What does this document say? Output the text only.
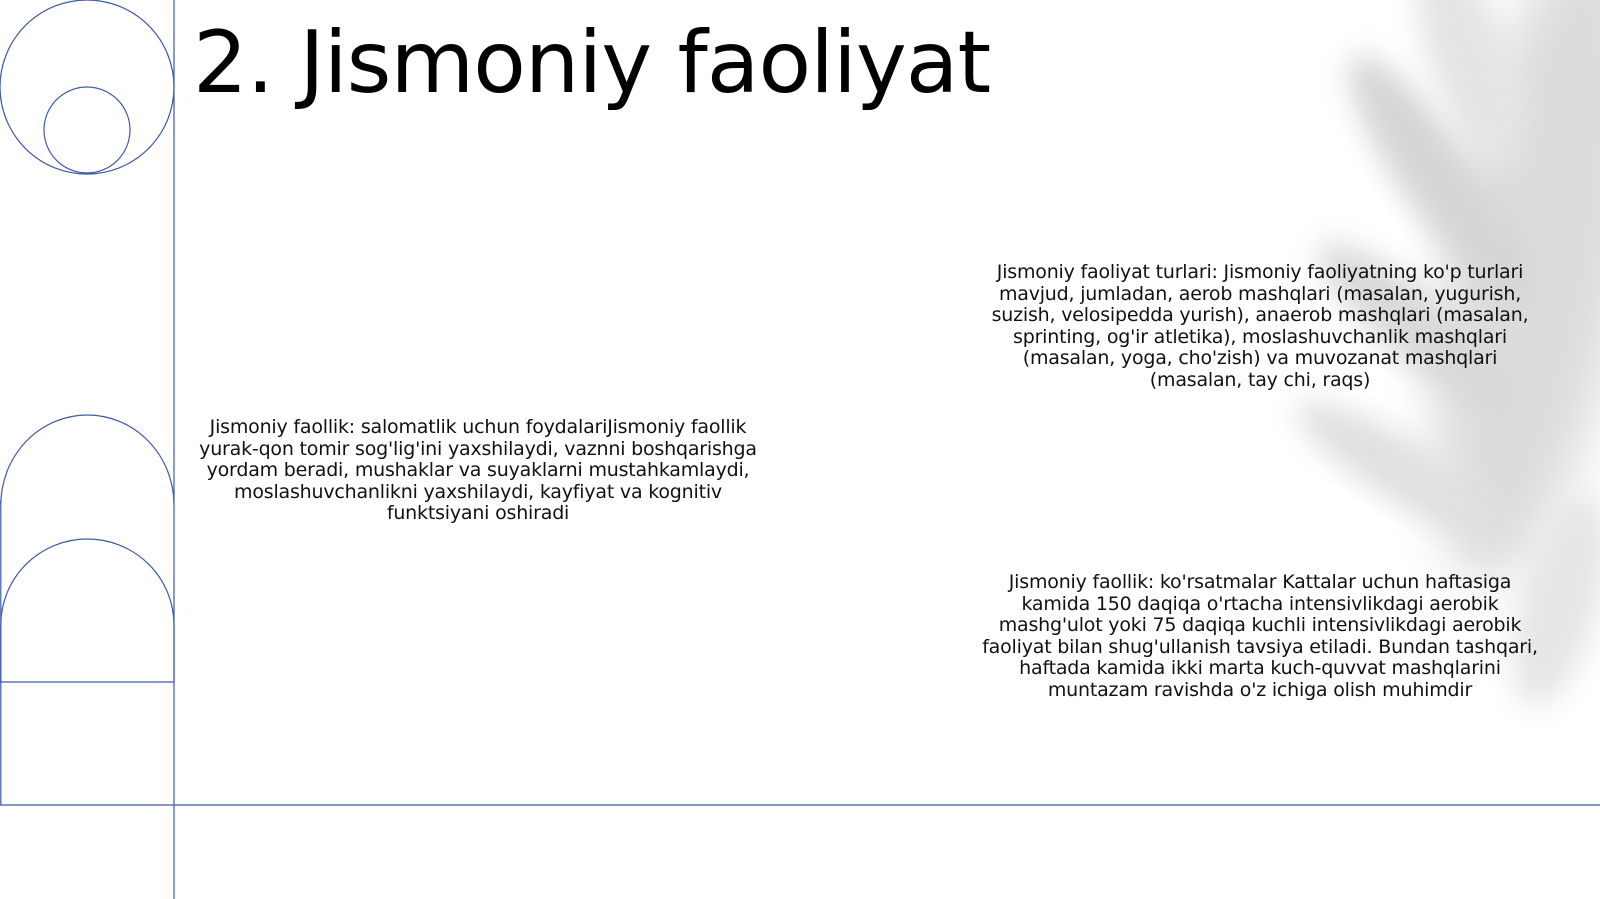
2. Jismoniy faoliyat

Jismoniy faoliyat turlari: Jismoniy faoliyatning ko'p turlari mavjud, jumladan, aerob mashqlari (masalan, yugurish, suzish, velosipedda yurish), anaerob mashqlari (masalan, sprinting, og'ir atletika), moslashuvchanlik mashqlari (masalan, yoga, cho'zish) va muvozanat mashqlari (masalan, tay chi, raqs)

Jismoniy faollik: salomatlik uchun foydalariJismoniy faollik yurak-qon tomir sog'lig'ini yaxshilaydi, vaznni boshqarishga yordam beradi, mushaklar va suyaklarni mustahkamlaydi, moslashuvchanlikni yaxshilaydi, kayfiyat va kognitiv funktsiyani oshiradi

Jismoniy faollik: ko'rsatmalar Kattalar uchun haftasiga kamida 150 daqiqa o'rtacha intensivlikdagi aerobik mashg'ulot yoki 75 daqiqa kuchli intensivlikdagi aerobik faoliyat bilan shug'ullanish tavsiya etiladi. Bundan tashqari, haftada kamida ikki marta kuch-quvvat mashqlarini muntazam ravishda o'z ichiga olish muhimdir
